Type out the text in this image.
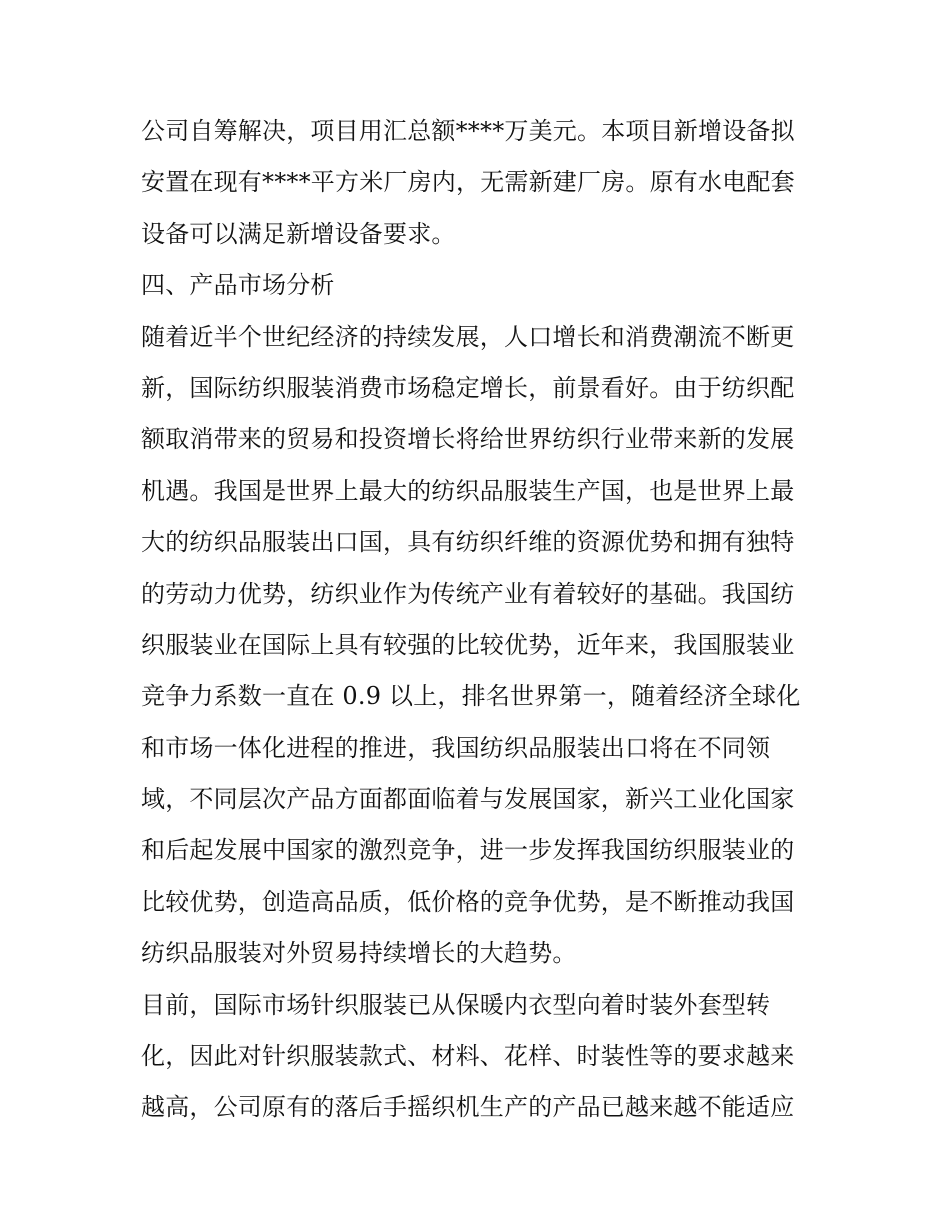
公司自筹解决，项目用汇总额****万美元。本项目新增设备拟
安置在现有****平方米厂房内，无需新建厂房。原有水电配套
设备可以满足新增设备要求。
四、产品市场分析
随着近半个世纪经济的持续发展，人口增长和消费潮流不断更
新，国际纺织服装消费市场稳定增长，前景看好。由于纺织配
额取消带来的贸易和投资增长将给世界纺织行业带来新的发展
机遇。我国是世界上最大的纺织品服装生产国，也是世界上最
大的纺织品服装出口国，具有纺织纤维的资源优势和拥有独特
的劳动力优势，纺织业作为传统产业有着较好的基础。我国纺
织服装业在国际上具有较强的比较优势，近年来，我国服装业
竞争力系数一直在 0.9 以上，排名世界第一，随着经济全球化
和市场一体化进程的推进，我国纺织品服装出口将在不同领
域，不同层次产品方面都面临着与发展国家，新兴工业化国家
和后起发展中国家的激烈竞争，进一步发挥我国纺织服装业的
比较优势，创造高品质，低价格的竞争优势，是不断推动我国
纺织品服装对外贸易持续增长的大趋势。
目前，国际市场针织服装已从保暖内衣型向着时装外套型转
化，因此对针织服装款式、材料、花样、时装性等的要求越来
越高，公司原有的落后手摇织机生产的产品已越来越不能适应
